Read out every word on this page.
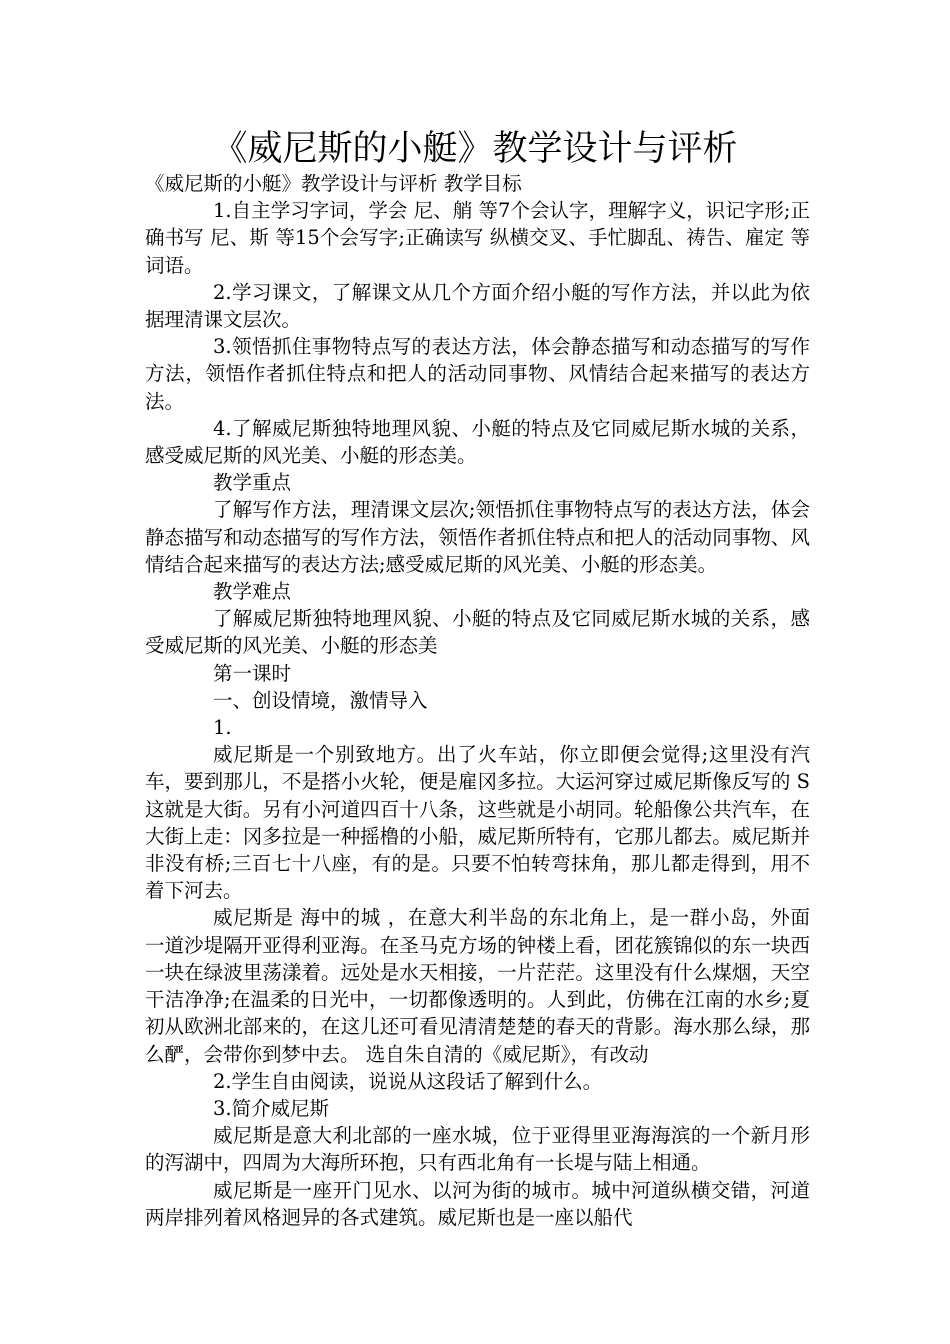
《威尼斯的小艇》教学设计与评析

《威尼斯的小艇》教学设计与评析 教学目标

1.自主学习字词，学会 尼、艄 等7个会认字，理解字义，识记字形;正确书写 尼、斯 等15个会写字;正确读写 纵横交叉、手忙脚乱、祷告、雇定 等词语。

2.学习课文，了解课文从几个方面介绍小艇的写作方法，并以此为依据理清课文层次。

3.领悟抓住事物特点写的表达方法，体会静态描写和动态描写的写作方法，领悟作者抓住特点和把人的活动同事物、风情结合起来描写的表达方法。

4.了解威尼斯独特地理风貌、小艇的特点及它同威尼斯水城的关系，感受威尼斯的风光美、小艇的形态美。

教学重点

了解写作方法，理清课文层次;领悟抓住事物特点写的表达方法，体会静态描写和动态描写的写作方法，领悟作者抓住特点和把人的活动同事物、风情结合起来描写的表达方法;感受威尼斯的风光美、小艇的形态美。

教学难点

了解威尼斯独特地理风貌、小艇的特点及它同威尼斯水城的关系，感受威尼斯的风光美、小艇的形态美

第一课时

一、创设情境，激情导入

1.

威尼斯是一个别致地方。出了火车站，你立即便会觉得;这里没有汽车，要到那儿，不是搭小火轮，便是雇冈多拉。大运河穿过威尼斯像反写的 S 这就是大街。另有小河道四百十八条，这些就是小胡同。轮船像公共汽车，在大街上走：冈多拉是一种摇橹的小船，威尼斯所特有，它那儿都去。威尼斯并非没有桥;三百七十八座，有的是。只要不怕转弯抹角，那儿都走得到，用不着下河去。

威尼斯是 海中的城 ，在意大利半岛的东北角上，是一群小岛，外面一道沙堤隔开亚得利亚海。在圣马克方场的钟楼上看，团花簇锦似的东一块西一块在绿波里荡漾着。远处是水天相接，一片茫茫。这里没有什么煤烟，天空干洁净净;在温柔的日光中，一切都像透明的。人到此，仿佛在江南的水乡;夏初从欧洲北部来的，在这儿还可看见清清楚楚的春天的背影。海水那么绿，那么酽，会带你到梦中去。 选自朱自清的《威尼斯》，有改动

2.学生自由阅读，说说从这段话了解到什么。

3.简介威尼斯

威尼斯是意大利北部的一座水城，位于亚得里亚海海滨的一个新月形的泻湖中，四周为大海所环抱，只有西北角有一长堤与陆上相通。

威尼斯是一座开门见水、以河为街的城市。城中河道纵横交错，河道两岸排列着风格迥异的各式建筑。威尼斯也是一座以船代
